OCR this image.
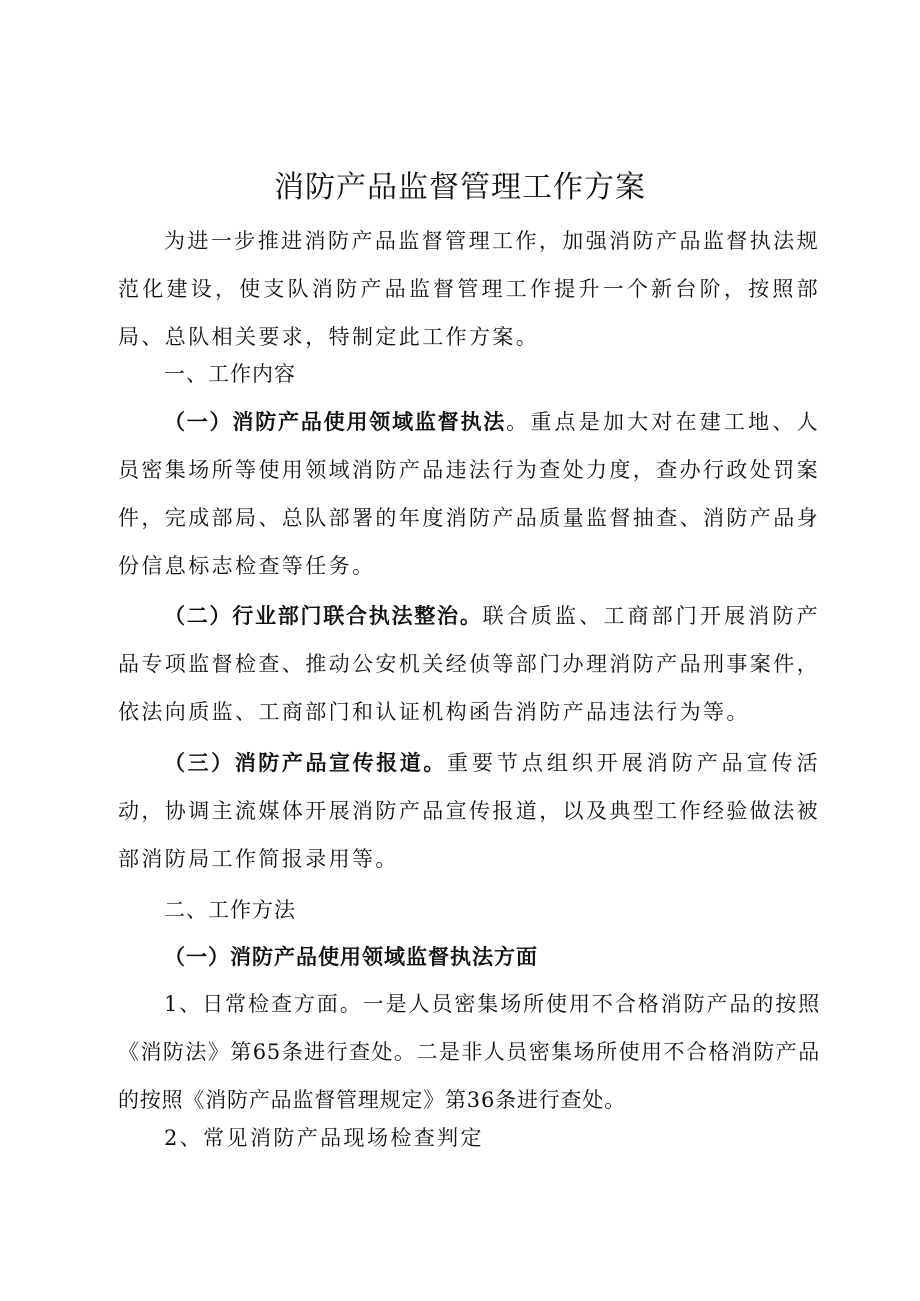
消防产品监督管理工作方案

为进一步推进消防产品监督管理工作，加强消防产品监督执法规范化建设，使支队消防产品监督管理工作提升一个新台阶，按照部局、总队相关要求，特制定此工作方案。

一、工作内容

（一）消防产品使用领域监督执法。重点是加大对在建工地、人员密集场所等使用领域消防产品违法行为查处力度，查办行政处罚案件，完成部局、总队部署的年度消防产品质量监督抽查、消防产品身份信息标志检查等任务。

（二）行业部门联合执法整治。联合质监、工商部门开展消防产品专项监督检查、推动公安机关经侦等部门办理消防产品刑事案件，依法向质监、工商部门和认证机构函告消防产品违法行为等。

（三）消防产品宣传报道。重要节点组织开展消防产品宣传活动，协调主流媒体开展消防产品宣传报道，以及典型工作经验做法被部消防局工作简报录用等。

二、工作方法

（一）消防产品使用领域监督执法方面

1、日常检查方面。一是人员密集场所使用不合格消防产品的按照《消防法》第65条进行查处。二是非人员密集场所使用不合格消防产品的按照《消防产品监督管理规定》第36条进行查处。

2、常见消防产品现场检查判定
